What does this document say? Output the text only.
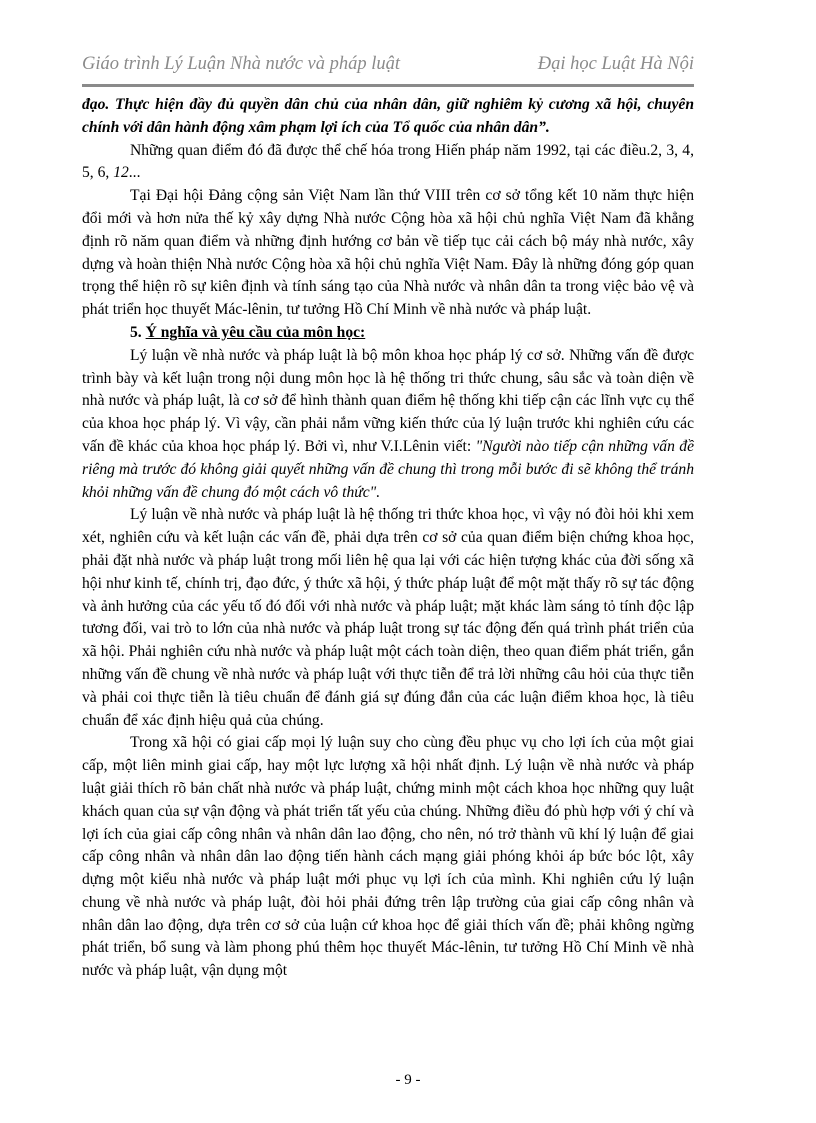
Giáo trình Lý Luận Nhà nước và pháp luật	Đại học Luật Hà Nội

đạo. Thực hiện đầy đủ quyền dân chủ của nhân dân, giữ nghiêm kỷ cương xã hội, chuyên chính với dân hành động xâm phạm lợi ích của Tổ quốc của nhân dân”.

Những quan điểm đó đã được thể chế hóa trong Hiến pháp năm 1992, tại các điều.2, 3, 4, 5, 6, 12...

Tại Đại hội Đảng cộng sản Việt Nam lần thứ VIII trên cơ sở tổng kết 10 năm thực hiện đổi mới và hơn nửa thế kỷ xây dựng Nhà nước Cộng hòa xã hội chủ nghĩa Việt Nam đã khẳng định rõ năm quan điểm và những định hướng cơ bản về tiếp tục cải cách bộ máy nhà nước, xây dựng và hoàn thiện Nhà nước Cộng hòa xã hội chủ nghĩa Việt Nam. Đây là những đóng góp quan trọng thể hiện rõ sự kiên định và tính sáng tạo của Nhà nước và nhân dân ta trong việc bảo vệ và phát triển học thuyết Mác-lênin, tư tưởng Hồ Chí Minh về nhà nước và pháp luật.

5. Ý nghĩa và yêu cầu của môn học:

Lý luận về nhà nước và pháp luật là bộ môn khoa học pháp lý cơ sở. Những vấn đề được trình bày và kết luận trong nội dung môn học là hệ thống tri thức chung, sâu sắc và toàn diện về nhà nước và pháp luật, là cơ sở để hình thành quan điểm hệ thống khi tiếp cận các lĩnh vực cụ thể của khoa học pháp lý. Vì vậy, cần phải nắm vững kiến thức của lý luận trước khi nghiên cứu các vấn đề khác của khoa học pháp lý. Bởi vì, như V.I.Lênin viết: "Người nào tiếp cận những vấn đề riêng mà trước đó không giải quyết những vấn đề chung thì trong mỗi bước đi sẽ không thể tránh khỏi những vấn đề chung đó một cách vô thức".

Lý luận về nhà nước và pháp luật là hệ thống tri thức khoa học, vì vậy nó đòi hỏi khi xem xét, nghiên cứu và kết luận các vấn đề, phải dựa trên cơ sở của quan điểm biện chứng khoa học, phải đặt nhà nước và pháp luật trong mối liên hệ qua lại với các hiện tượng khác của đời sống xã hội như kinh tế, chính trị, đạo đức, ý thức xã hội, ý thức pháp luật để một mặt thấy rõ sự tác động và ảnh hưởng của các yếu tố đó đối với nhà nước và pháp luật; mặt khác làm sáng tỏ tính độc lập tương đối, vai trò to lớn của nhà nước và pháp luật trong sự tác động đến quá trình phát triển của xã hội. Phải nghiên cứu nhà nước và pháp luật một cách toàn diện, theo quan điểm phát triển, gắn những vấn đề chung về nhà nước và pháp luật với thực tiễn để trả lời những câu hỏi của thực tiễn và phải coi thực tiễn là tiêu chuẩn để đánh giá sự đúng đắn của các luận điểm khoa học, là tiêu chuẩn để xác định hiệu quả của chúng.

Trong xã hội có giai cấp mọi lý luận suy cho cùng đều phục vụ cho lợi ích của một giai cấp, một liên minh giai cấp, hay một lực lượng xã hội nhất định. Lý luận về nhà nước và pháp luật giải thích rõ bản chất nhà nước và pháp luật, chứng minh một cách khoa học những quy luật khách quan của sự vận động và phát triển tất yếu của chúng. Những điều đó phù hợp với ý chí và lợi ích của giai cấp công nhân và nhân dân lao động, cho nên, nó trở thành vũ khí lý luận để giai cấp công nhân và nhân dân lao động tiến hành cách mạng giải phóng khỏi áp bức bóc lột, xây dựng một kiểu nhà nước và pháp luật mới phục vụ lợi ích của mình. Khi nghiên cứu lý luận chung về nhà nước và pháp luật, đòi hỏi phải đứng trên lập trường của giai cấp công nhân và nhân dân lao động, dựa trên cơ sở của luận cứ khoa học để giải thích vấn đề; phải không ngừng phát triển, bổ sung và làm phong phú thêm học thuyết Mác-lênin, tư tưởng Hồ Chí Minh về nhà nước và pháp luật, vận dụng một

- 9 -
